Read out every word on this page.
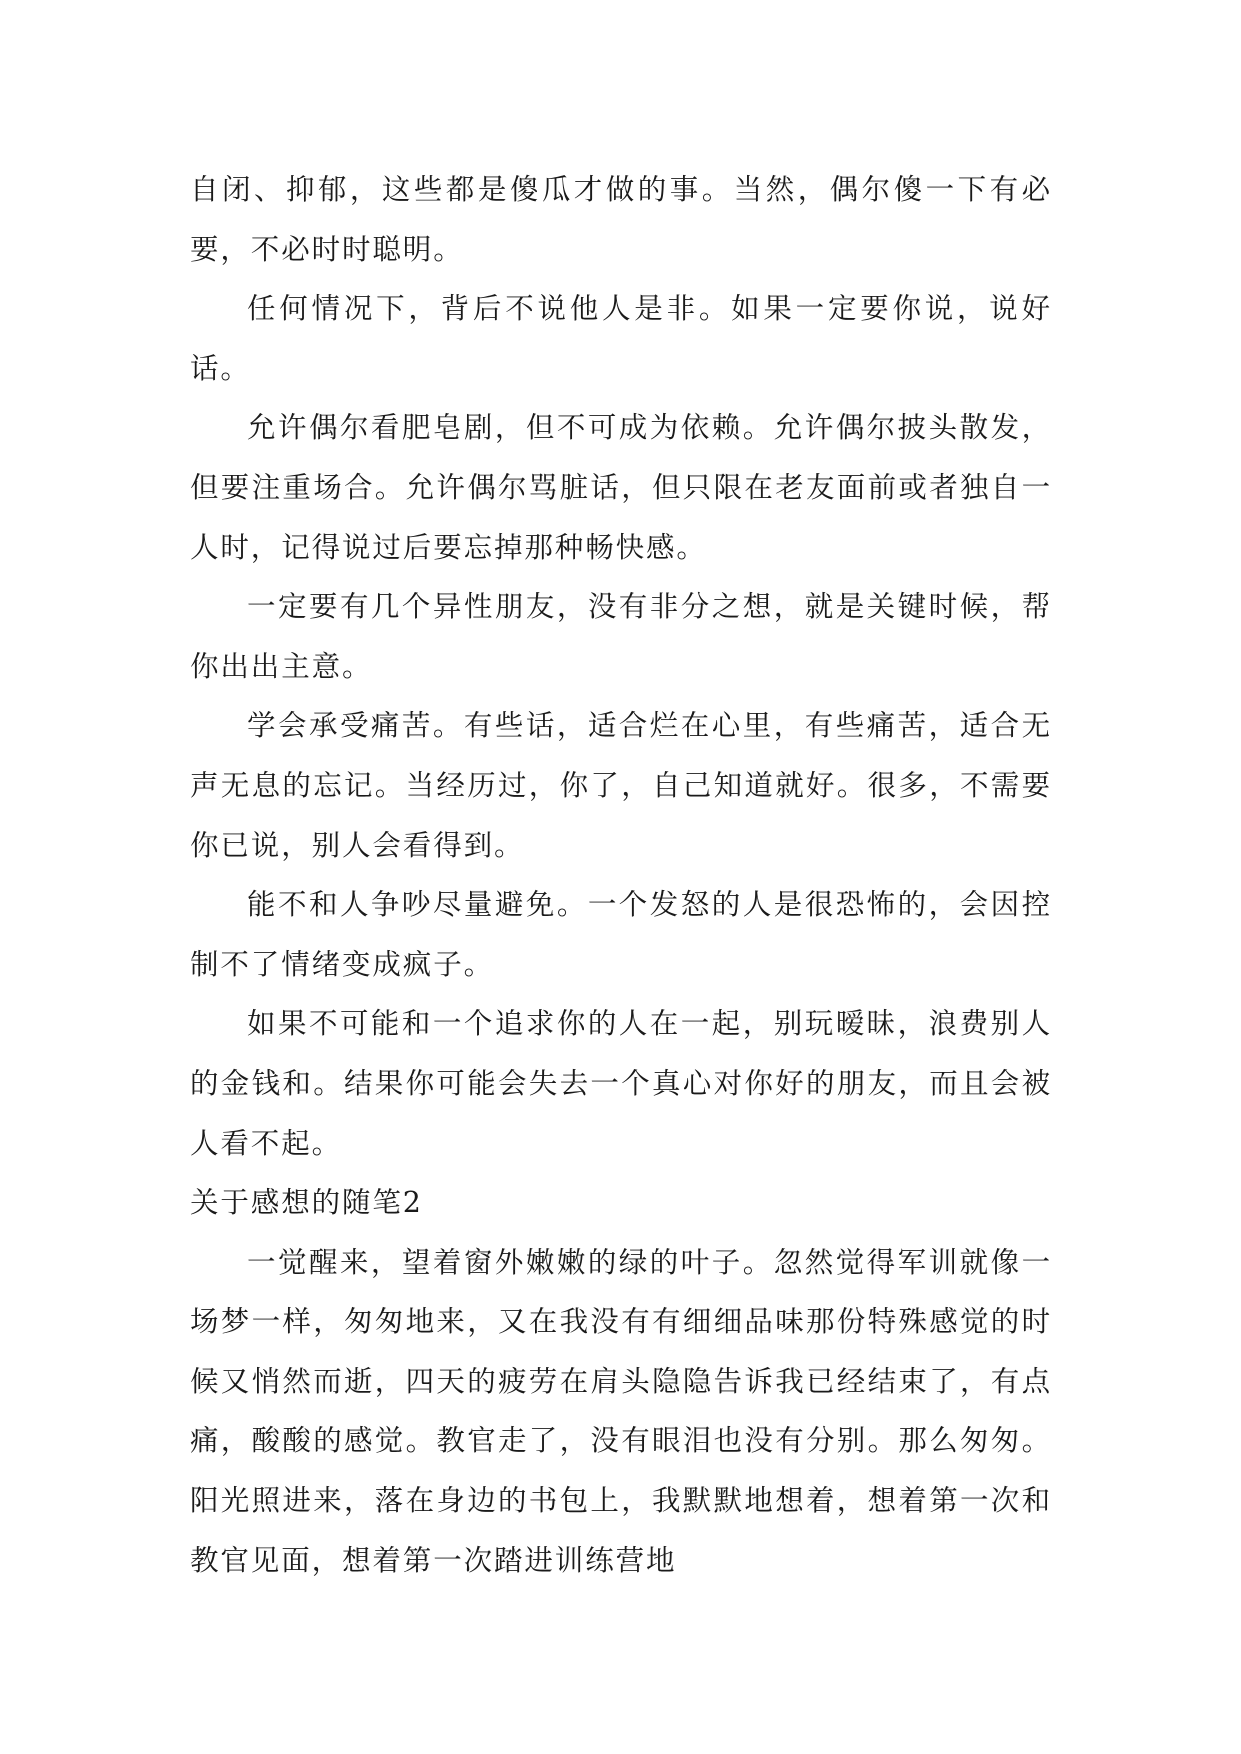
自闭、抑郁，这些都是傻瓜才做的事。当然，偶尔傻一下有必要，不必时时聪明。

任何情况下，背后不说他人是非。如果一定要你说，说好话。

允许偶尔看肥皂剧，但不可成为依赖。允许偶尔披头散发，但要注重场合。允许偶尔骂脏话，但只限在老友面前或者独自一人时，记得说过后要忘掉那种畅快感。

一定要有几个异性朋友，没有非分之想，就是关键时候，帮你出出主意。

学会承受痛苦。有些话，适合烂在心里，有些痛苦，适合无声无息的忘记。当经历过，你了，自己知道就好。很多，不需要你已说，别人会看得到。

能不和人争吵尽量避免。一个发怒的人是很恐怖的，会因控制不了情绪变成疯子。

如果不可能和一个追求你的人在一起，别玩暧昧，浪费别人的金钱和。结果你可能会失去一个真心对你好的朋友，而且会被人看不起。

关于感想的随笔2

一觉醒来，望着窗外嫩嫩的绿的叶子。忽然觉得军训就像一场梦一样，匆匆地来，又在我没有有细细品味那份特殊感觉的时候又悄然而逝，四天的疲劳在肩头隐隐告诉我已经结束了，有点痛，酸酸的感觉。教官走了，没有眼泪也没有分别。那么匆匆。阳光照进来，落在身边的书包上，我默默地想着，想着第一次和教官见面，想着第一次踏进训练营地
